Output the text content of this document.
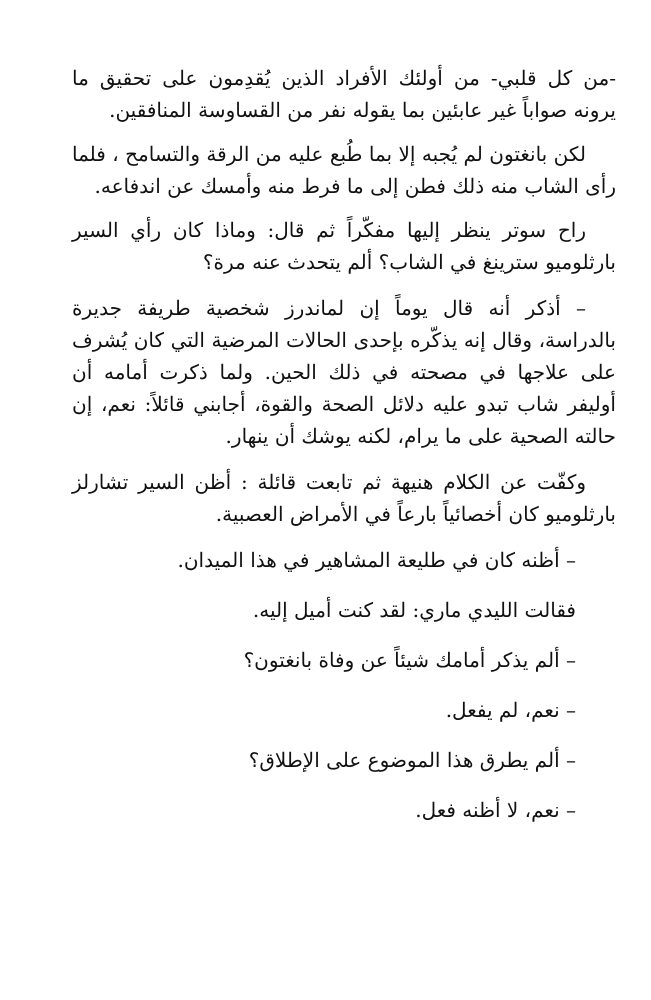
-من كل قلبي- من أولئك الأفراد الذين يُقدِمون على تحقيق ما يرونه صواباً غير عابئين بما يقوله نفر من القساوسة المنافقين.

لكن بانغتون لم يُجبه إلا بما طُبع عليه من الرقة والتسامح ، فلما رأى الشاب منه ذلك فطن إلى ما فرط منه وأمسك عن اندفاعه.

راح سوتر ينظر إليها مفكّراً ثم قال: وماذا كان رأي السير بارثلوميو سترينغ في الشاب؟ ألم يتحدث عنه مرة؟

– أذكر أنه قال يوماً إن لماندرز شخصية طريفة جديرة بالدراسة، وقال إنه يذكّره بإحدى الحالات المرضية التي كان يُشرف على علاجها في مصحته في ذلك الحين. ولما ذكرت أمامه أن أوليفر شاب تبدو عليه دلائل الصحة والقوة، أجابني قائلاً: نعم، إن حالته الصحية على ما يرام، لكنه يوشك أن ينهار.

وكفّت عن الكلام هنيهة ثم تابعت قائلة : أظن السير تشارلز بارثلوميو كان أخصائياً بارعاً في الأمراض العصبية.

– أظنه كان في طليعة المشاهير في هذا الميدان.

فقالت الليدي ماري: لقد كنت أميل إليه.

– ألم يذكر أمامك شيئاً عن وفاة بانغتون؟

– نعم، لم يفعل.

– ألم يطرق هذا الموضوع على الإطلاق؟

– نعم، لا أظنه فعل.
